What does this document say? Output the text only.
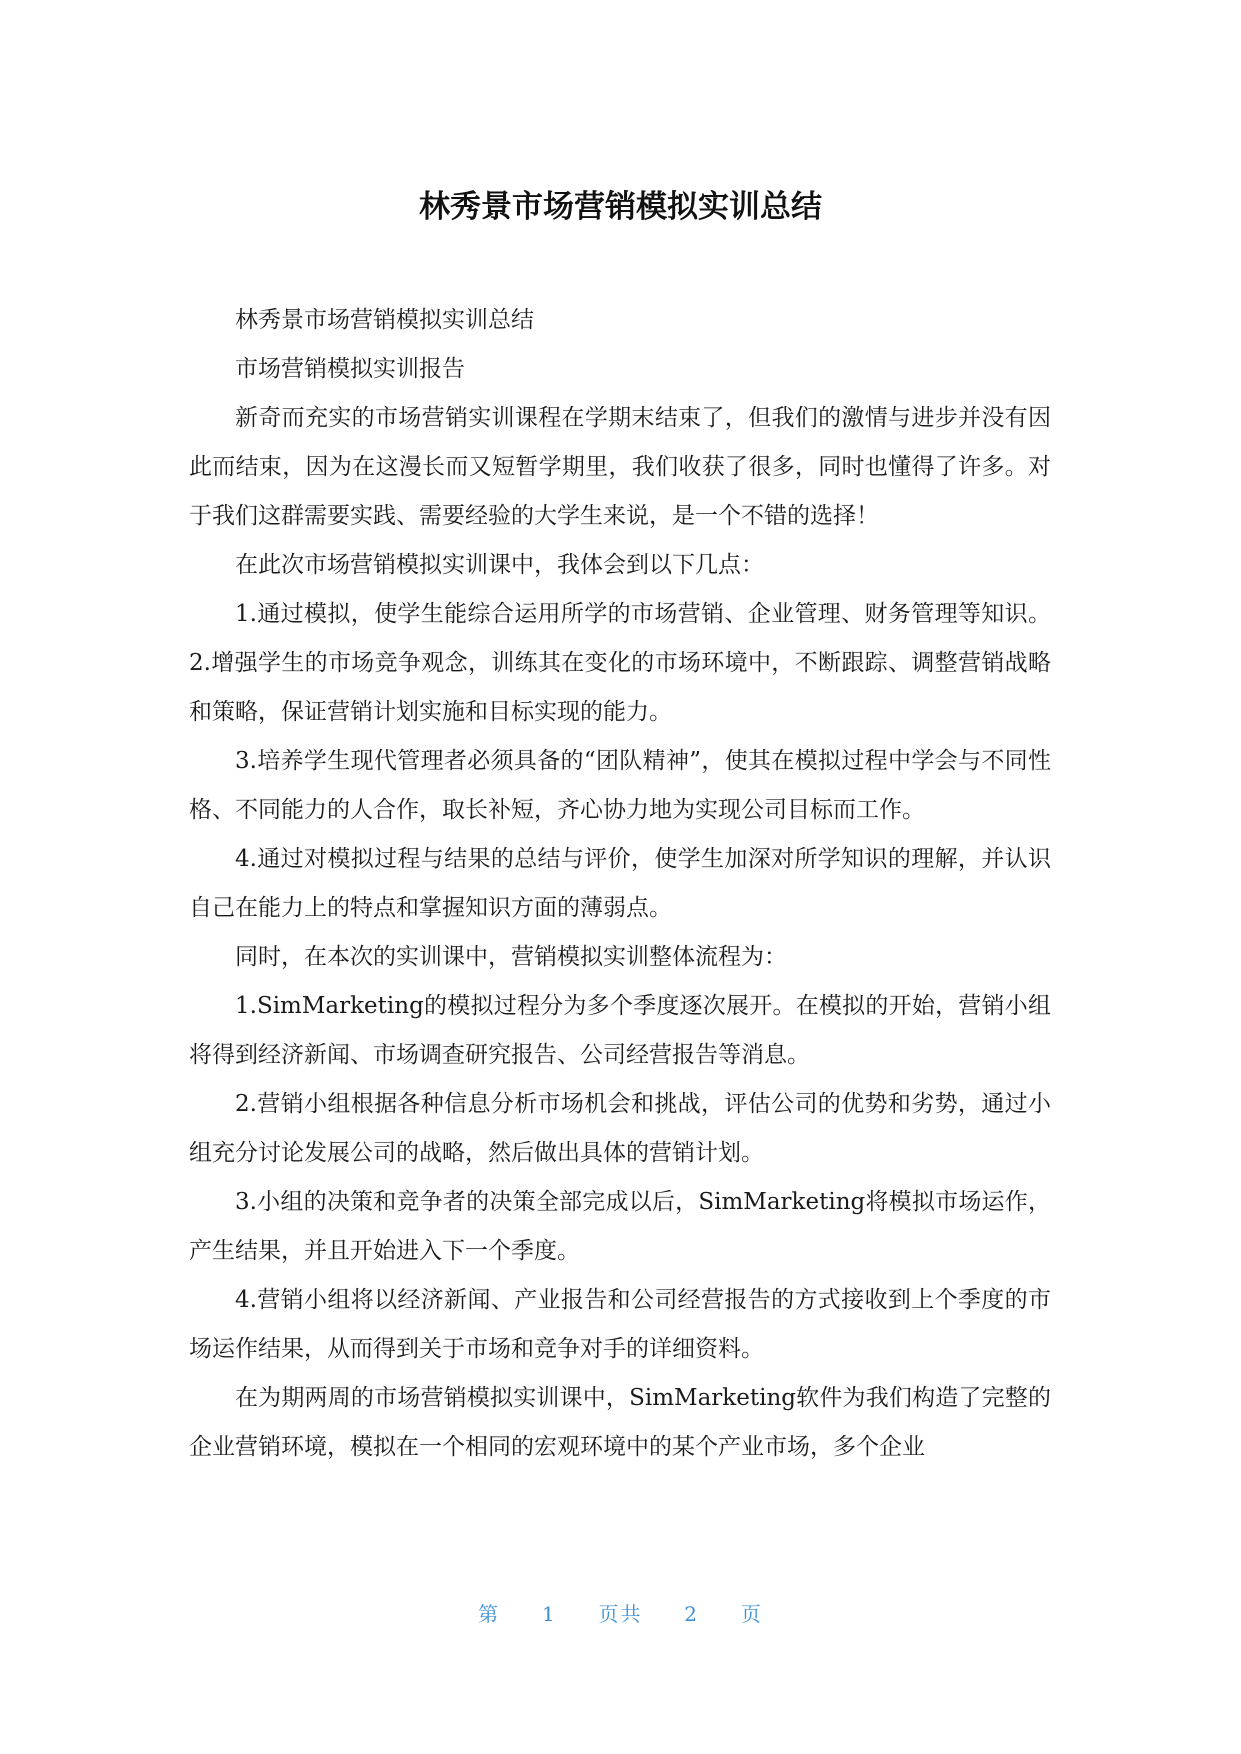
林秀景市场营销模拟实训总结

林秀景市场营销模拟实训总结

市场营销模拟实训报告

新奇而充实的市场营销实训课程在学期末结束了，但我们的激情与进步并没有因此而结束，因为在这漫长而又短暂学期里，我们收获了很多，同时也懂得了许多。对于我们这群需要实践、需要经验的大学生来说，是一个不错的选择！

在此次市场营销模拟实训课中，我体会到以下几点：

1.通过模拟，使学生能综合运用所学的市场营销、企业管理、财务管理等知识。2.增强学生的市场竞争观念，训练其在变化的市场环境中，不断跟踪、调整营销战略和策略，保证营销计划实施和目标实现的能力。

3.培养学生现代管理者必须具备的“团队精神”，使其在模拟过程中学会与不同性格、不同能力的人合作，取长补短，齐心协力地为实现公司目标而工作。

4.通过对模拟过程与结果的总结与评价，使学生加深对所学知识的理解，并认识自己在能力上的特点和掌握知识方面的薄弱点。

同时，在本次的实训课中，营销模拟实训整体流程为：

1.SimMarketing的模拟过程分为多个季度逐次展开。在模拟的开始，营销小组将得到经济新闻、市场调查研究报告、公司经营报告等消息。

2.营销小组根据各种信息分析市场机会和挑战，评估公司的优势和劣势，通过小组充分讨论发展公司的战略，然后做出具体的营销计划。

3.小组的决策和竞争者的决策全部完成以后，SimMarketing将模拟市场运作，产生结果，并且开始进入下一个季度。

4.营销小组将以经济新闻、产业报告和公司经营报告的方式接收到上个季度的市场运作结果，从而得到关于市场和竞争对手的详细资料。

在为期两周的市场营销模拟实训课中，SimMarketing软件为我们构造了完整的企业营销环境，模拟在一个相同的宏观环境中的某个产业市场，多个企业

第 1 页共 2 页
